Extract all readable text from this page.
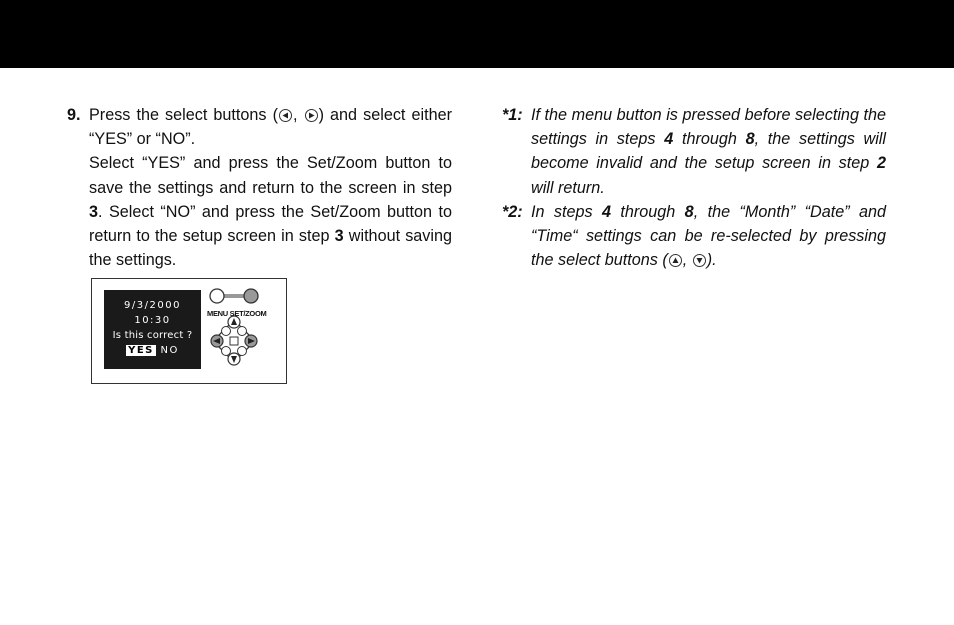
9. Press the select buttons ( ,
) and select either “YES” or “NO”.

Select “YES” and press the Set/Zoom button to save the settings and return to the screen in step 3. Select “NO” and press the Set/Zoom button to return to the setup screen in step 3 without saving the settings.

9/3/2000
10:30
Is this correct ?
YES NO
MENU SET/ZOOM
*1: If the menu button is pressed before selecting the settings in steps 4 through 8, the settings will become invalid and the setup screen in step 2 will return.
*2: In steps 4 through 8, the “Month” “Date” and “Time“ settings can be re-selected by pressing the select buttons ( ,
).
